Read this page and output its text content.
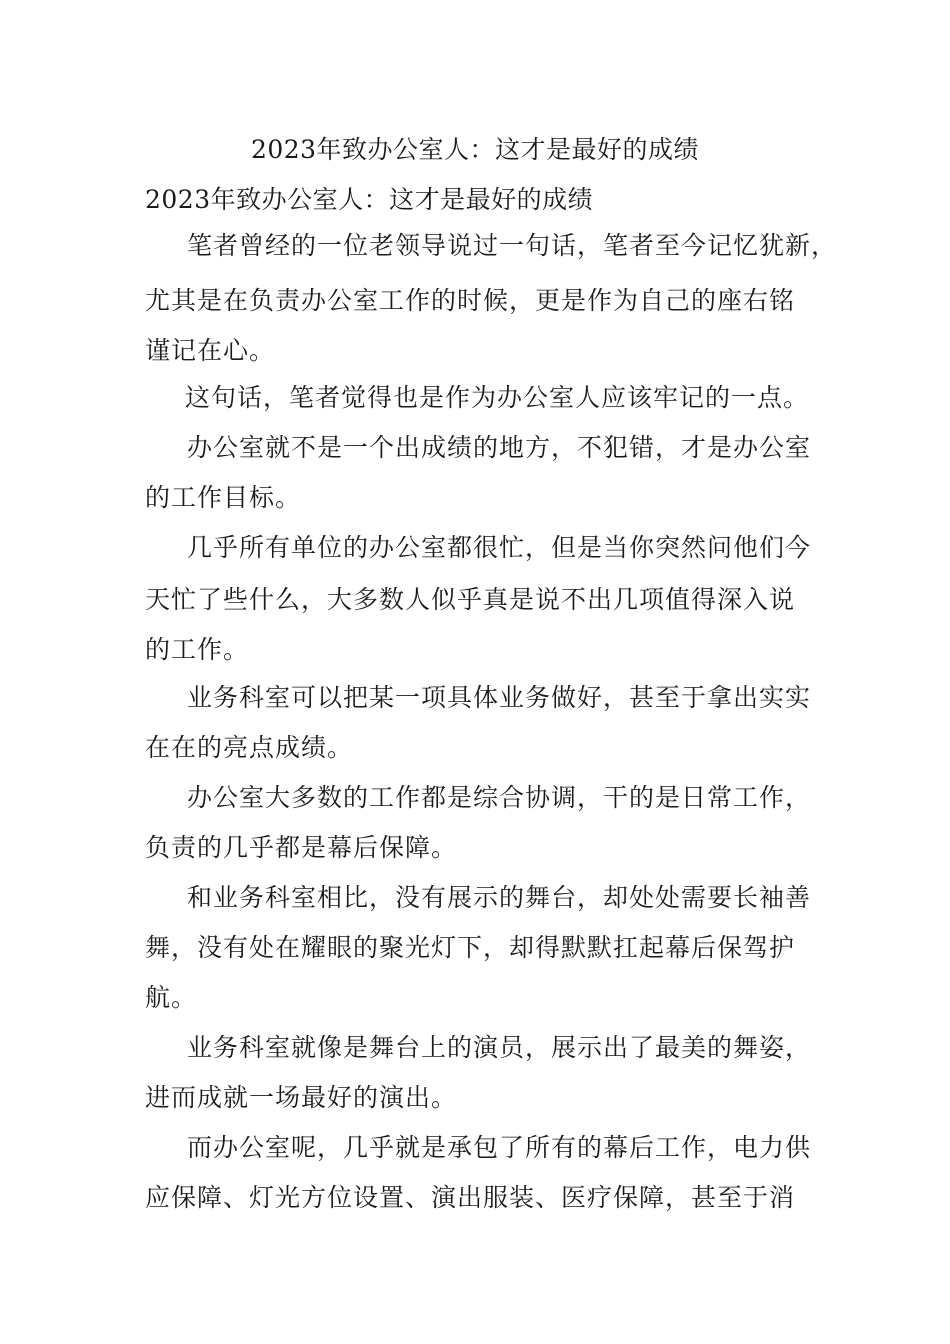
2023年致办公室人：这才是最好的成绩
2023年致办公室人：这才是最好的成绩
笔者曾经的一位老领导说过一句话，笔者至今记忆犹新，
尤其是在负责办公室工作的时候，更是作为自己的座右铭
谨记在心。
这句话，笔者觉得也是作为办公室人应该牢记的一点。
办公室就不是一个出成绩的地方，不犯错，才是办公室
的工作目标。
几乎所有单位的办公室都很忙，但是当你突然问他们今
天忙了些什么，大多数人似乎真是说不出几项值得深入说
的工作。
业务科室可以把某一项具体业务做好，甚至于拿出实实
在在的亮点成绩。
办公室大多数的工作都是综合协调，干的是日常工作，
负责的几乎都是幕后保障。
和业务科室相比，没有展示的舞台，却处处需要长袖善
舞，没有处在耀眼的聚光灯下，却得默默扛起幕后保驾护
航。
业务科室就像是舞台上的演员，展示出了最美的舞姿，
进而成就一场最好的演出。
而办公室呢，几乎就是承包了所有的幕后工作，电力供
应保障、灯光方位设置、演出服装、医疗保障，甚至于消
